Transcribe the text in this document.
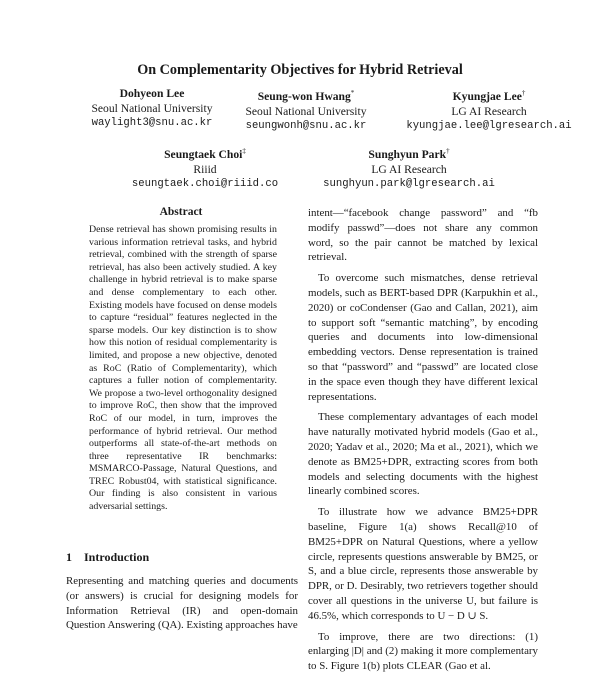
On Complementarity Objectives for Hybrid Retrieval
Dohyeon Lee
Seoul National University
waylight3@snu.ac.kr
Seung-won Hwang*
Seoul National University
seungwonh@snu.ac.kr
Kyungjae Lee†
LG AI Research
kyungjae.lee@lgresearch.ai
Seungtaek Choi‡
Riiid
seungtaek.choi@riiid.co
Sunghyun Park†
LG AI Research
sunghyun.park@lgresearch.ai
Abstract
Dense retrieval has shown promising results in various information retrieval tasks, and hybrid retrieval, combined with the strength of sparse retrieval, has also been actively studied. A key challenge in hybrid retrieval is to make sparse and dense complementary to each other. Existing models have focused on dense models to capture “residual” features neglected in the sparse models. Our key distinction is to show how this notion of residual complementarity is limited, and propose a new objective, denoted as RoC (Ratio of Complementarity), which captures a fuller notion of complementarity. We propose a two-level orthogonality designed to improve RoC, then show that the improved RoC of our model, in turn, improves the performance of hybrid retrieval. Our method outperforms all state-of-the-art methods on three representative IR benchmarks: MSMARCO-Passage, Natural Questions, and TREC Robust04, with statistical significance. Our finding is also consistent in various adversarial settings.
1 Introduction

Representing and matching queries and documents (or answers) is crucial for designing models for Information Retrieval (IR) and open-domain Question Answering (QA). Existing approaches have

intent—“facebook change password” and “fb modify passwd”—does not share any common word, so the pair cannot be matched by lexical retrieval.

To overcome such mismatches, dense retrieval models, such as BERT-based DPR (Karpukhin et al., 2020) or coCondenser (Gao and Callan, 2021), aim to support soft “semantic matching”, by encoding queries and documents into low-dimensional embedding vectors. Dense representation is trained so that “password” and “passwd” are located close in the space even though they have different lexical representations.

These complementary advantages of each model have naturally motivated hybrid models (Gao et al., 2020; Yadav et al., 2020; Ma et al., 2021), which we denote as BM25+DPR, extracting scores from both models and selecting documents with the highest linearly combined scores.

To illustrate how we advance BM25+DPR baseline, Figure 1(a) shows Recall@10 of BM25+DPR on Natural Questions, where a yellow circle, represents questions answerable by BM25, or S, and a blue circle, represents those answerable by DPR, or D. Desirably, two retrievers together should cover all questions in the universe U, but failure is 46.5%, which corresponds to U − D ∪ S.

To improve, there are two directions: (1) enlarging |D| and (2) making it more complementary to S. Figure 1(b) plots CLEAR (Gao et al.
